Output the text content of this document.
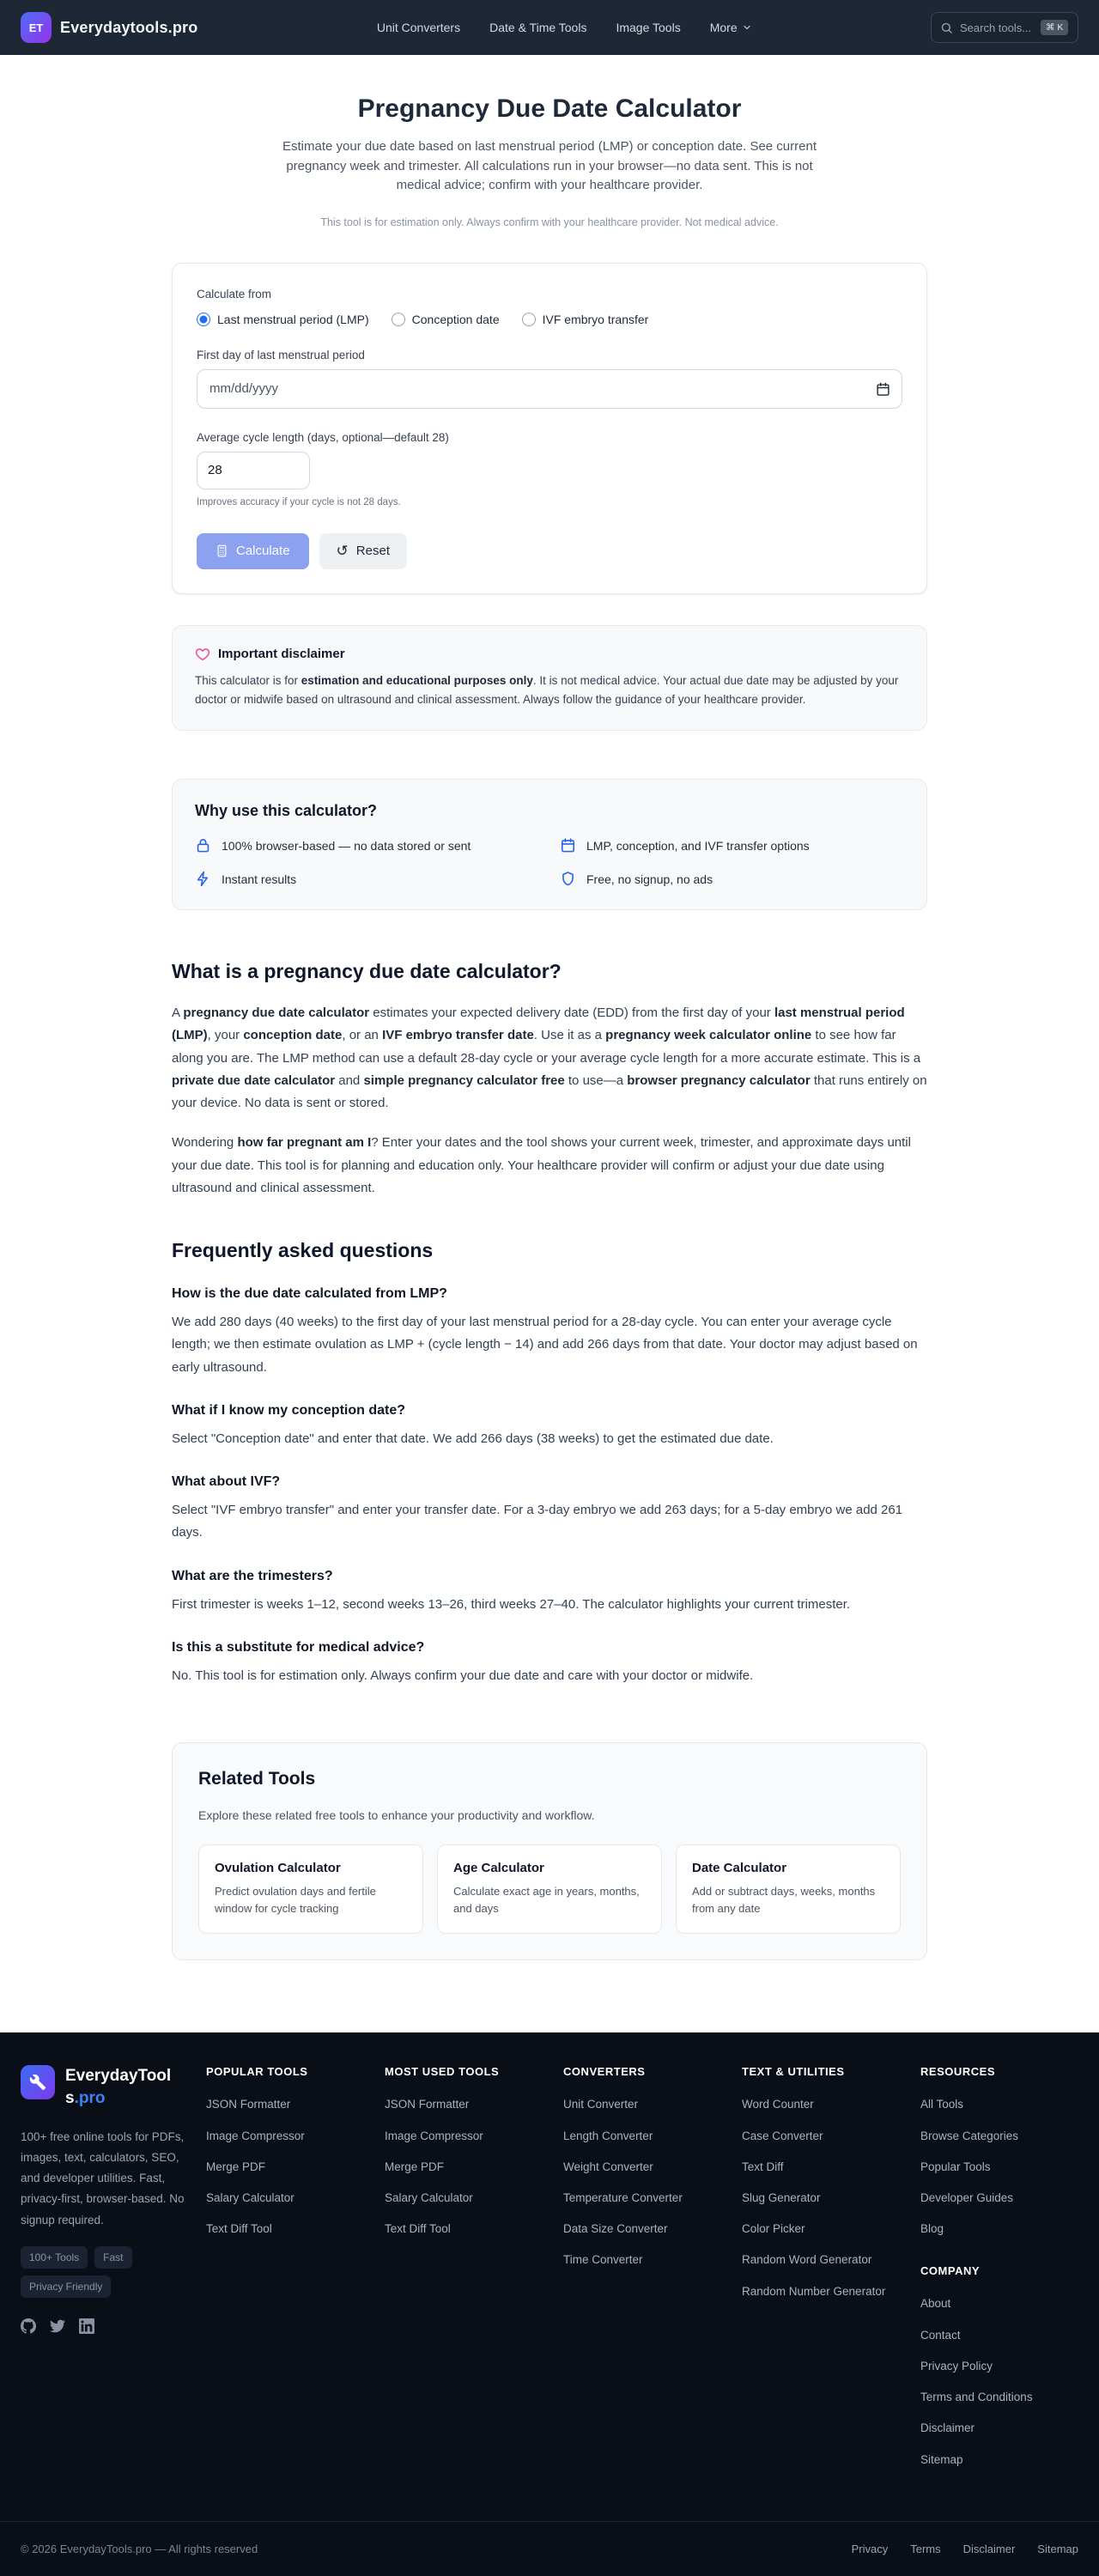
ET Everydaytools.pro	Unit Converters Date & Time Tools Image Tools More
Search tools...	⌘ K
Pregnancy Due Date Calculator

Estimate your due date based on last menstrual period (LMP) or conception date. See current pregnancy week and trimester. All calculations run in your browser—no data sent. This is not medical advice; confirm with your healthcare provider.

This tool is for estimation only. Always confirm with your healthcare provider. Not medical advice.

Calculate from
Last menstrual period (LMP)	Conception date	IVF embryo transfer
First day of last menstrual period
mm/dd/yyyy
Average cycle length (days, optional—default 28)
28
Improves accuracy if your cycle is not 28 days.
Calculate	↺ Reset
Important disclaimer

This calculator is for estimation and educational purposes only. It is not medical advice. Your actual due date may be adjusted by your doctor or midwife based on ultrasound and clinical assessment. Always follow the guidance of your healthcare provider.

Why use this calculator?
100% browser-based — no data stored or sent	LMP, conception, and IVF transfer options
Instant results	Free, no signup, no ads
What is a pregnancy due date calculator?

A pregnancy due date calculator estimates your expected delivery date (EDD) from the first day of your last menstrual period (LMP), your conception date, or an IVF embryo transfer date. Use it as a pregnancy week calculator online to see how far along you are. The LMP method can use a default 28-day cycle or your average cycle length for a more accurate estimate. This is a private due date calculator and simple pregnancy calculator free to use—a browser pregnancy calculator that runs entirely on your device. No data is sent or stored.

Wondering how far pregnant am I? Enter your dates and the tool shows your current week, trimester, and approximate days until your due date. This tool is for planning and education only. Your healthcare provider will confirm or adjust your due date using ultrasound and clinical assessment.

Frequently asked questions
How is the due date calculated from LMP?

We add 280 days (40 weeks) to the first day of your last menstrual period for a 28-day cycle. You can enter your average cycle length; we then estimate ovulation as LMP + (cycle length − 14) and add 266 days from that date. Your doctor may adjust based on early ultrasound.

What if I know my conception date?

Select "Conception date" and enter that date. We add 266 days (38 weeks) to get the estimated due date.

What about IVF?

Select "IVF embryo transfer" and enter your transfer date. For a 3-day embryo we add 263 days; for a 5-day embryo we add 261 days.

What are the trimesters?

First trimester is weeks 1–12, second weeks 13–26, third weeks 27–40. The calculator highlights your current trimester.

Is this a substitute for medical advice?

No. This tool is for estimation only. Always confirm your due date and care with your doctor or midwife.

Related Tools

Explore these related free tools to enhance your productivity and workflow.

Ovulation Calculator
Predict ovulation days and fertile window for cycle tracking
Age Calculator
Calculate exact age in years, months, and days
Date Calculator
Add or subtract days, weeks, months from any date
EverydayTools.pro

100+ free online tools for PDFs, images, text, calculators, SEO, and developer utilities. Fast, privacy-first, browser-based. No signup required.

100+ Tools	Fast
Privacy Friendly
POPULAR TOOLS
JSON Formatter
Image Compressor
Merge PDF
Salary Calculator
Text Diff Tool
MOST USED TOOLS
JSON Formatter
Image Compressor
Merge PDF
Salary Calculator
Text Diff Tool
CONVERTERS
Unit Converter
Length Converter
Weight Converter
Temperature Converter
Data Size Converter
Time Converter
TEXT & UTILITIES
Word Counter
Case Converter
Text Diff
Slug Generator
Color Picker
Random Word Generator
Random Number Generator
RESOURCES
All Tools
Browse Categories
Popular Tools
Developer Guides
Blog
COMPANY
About
Contact
Privacy Policy
Terms and Conditions
Disclaimer
Sitemap
© 2026 EverydayTools.pro — All rights reserved	Privacy Terms Disclaimer Sitemap
